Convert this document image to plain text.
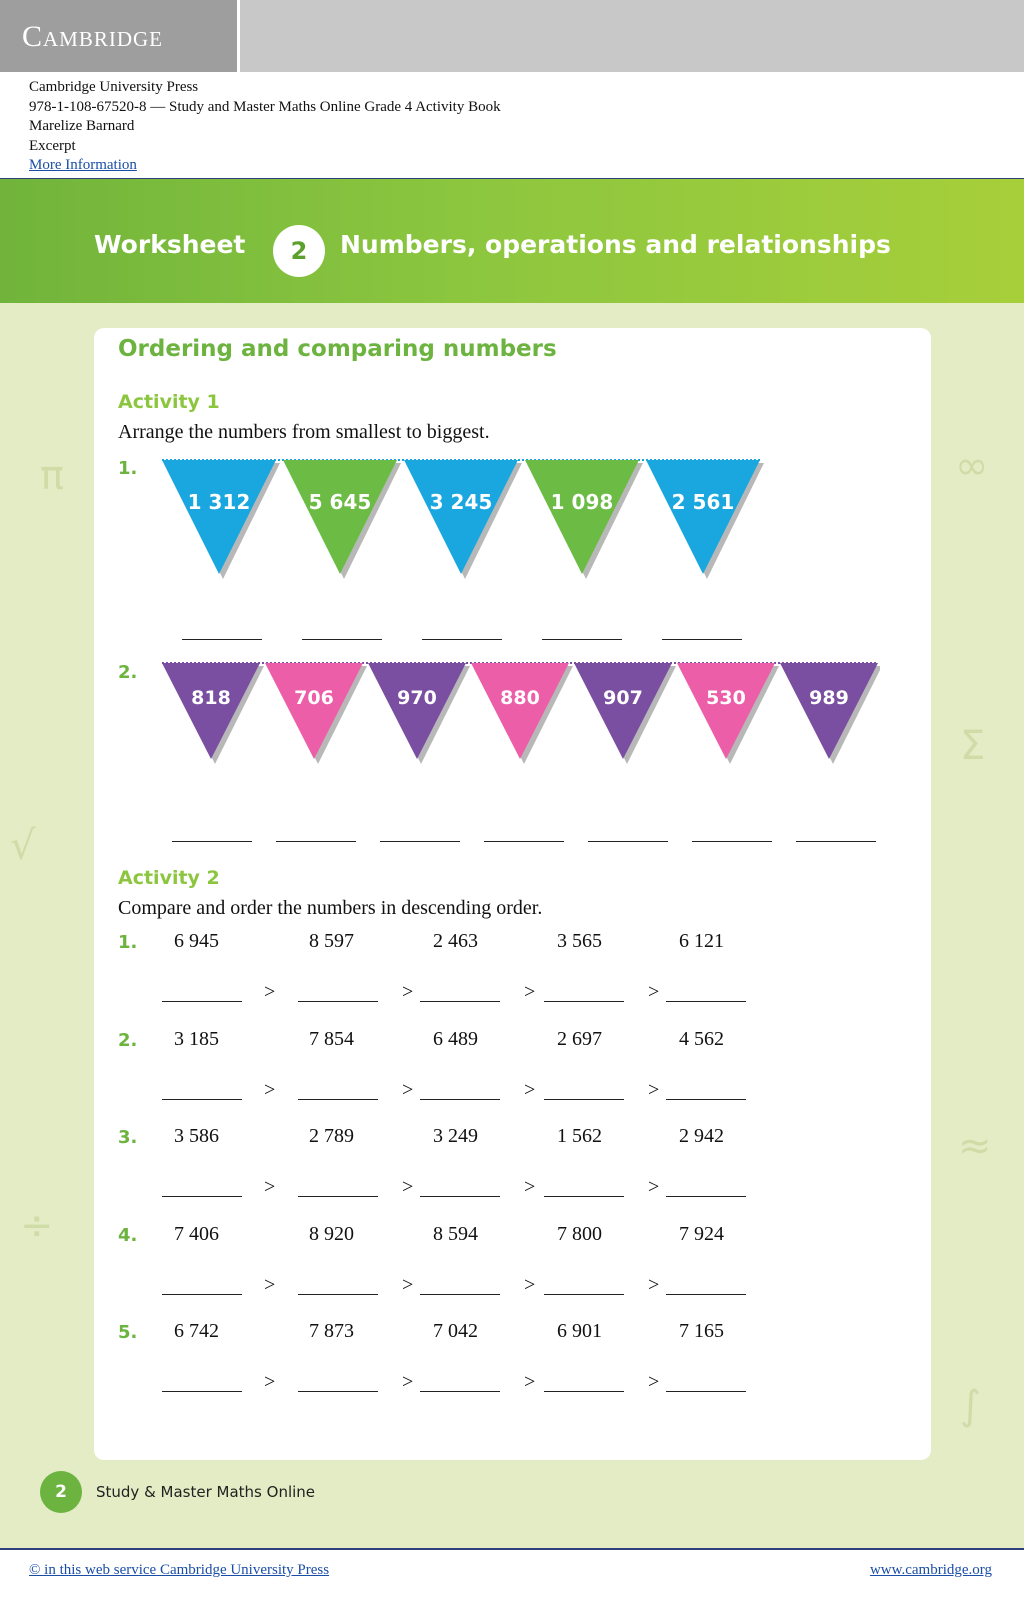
Cambridge
Cambridge University Press
978-1-108-67520-8 — Study and Master Maths Online Grade 4 Activity Book
Marelize Barnard
Excerpt
More Information
Worksheet	2	Numbers, operations and relationships
π
√
∞
Σ
≈
÷
∫
Ordering and comparing numbers
Activity 1
Arrange the numbers from smallest to biggest.
1.
1 312	5 645	3 245	1 098	2 561
2.
818	706	970	880	907	530	989
Activity 2
Compare and order the numbers in descending order.
1. 6 945	8 597	2 463	3 565	6 121
>	>	>	>
2. 3 185	7 854	6 489	2 697	4 562
>	>	>	>
3. 3 586	2 789	3 249	1 562	2 942
>	>	>	>
4. 7 406	8 920	8 594	7 800	7 924
>	>	>	>
5. 6 742	7 873	7 042	6 901	7 165
>	>	>	>
2	Study & Master Maths Online
© in this web service Cambridge University Press	www.cambridge.org
